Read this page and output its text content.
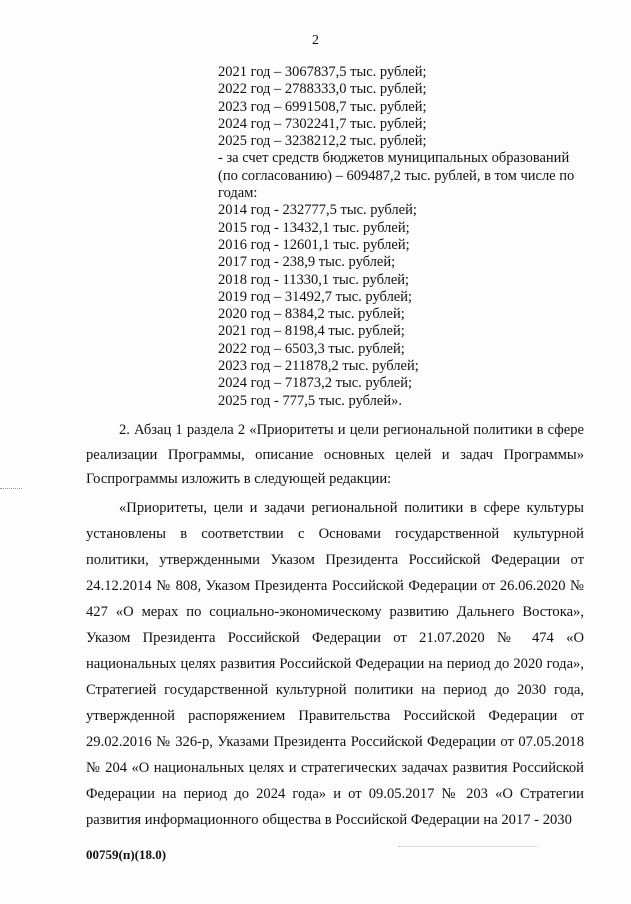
2
2021 год – 3067837,5 тыс. рублей;
2022 год – 2788333,0 тыс. рублей;
2023 год – 6991508,7 тыс. рублей;
2024 год – 7302241,7 тыс. рублей;
2025 год – 3238212,2 тыс. рублей;
- за счет средств бюджетов муниципальных образований (по согласованию) – 609487,2 тыс. рублей, в том числе по годам:
2014 год - 232777,5 тыс. рублей;
2015 год - 13432,1 тыс. рублей;
2016 год - 12601,1 тыс. рублей;
2017 год - 238,9 тыс. рублей;
2018 год - 11330,1 тыс. рублей;
2019 год – 31492,7 тыс. рублей;
2020 год – 8384,2 тыс. рублей;
2021 год – 8198,4 тыс. рублей;
2022 год – 6503,3 тыс. рублей;
2023 год – 211878,2 тыс. рублей;
2024 год – 71873,2 тыс. рублей;
2025 год - 777,5 тыс. рублей».

2. Абзац 1 раздела 2 «Приоритеты и цели региональной политики в сфере реализации Программы, описание основных целей и задач Программы» Госпрограммы изложить в следующей редакции:

«Приоритеты, цели и задачи региональной политики в сфере культуры установлены в соответствии с Основами государственной культурной политики, утвержденными Указом Президента Российской Федерации от 24.12.2014 № 808, Указом Президента Российской Федерации от 26.06.2020 № 427 «О мерах по социально-экономическому развитию Дальнего Востока», Указом Президента Российской Федерации от 21.07.2020 № 474 «О национальных целях развития Российской Федерации на период до 2020 года», Стратегией государственной культурной политики на период до 2030 года, утвержденной распоряжением Правительства Российской Федерации от 29.02.2016 № 326-р, Указами Президента Российской Федерации от 07.05.2018 № 204 «О национальных целях и стратегических задачах развития Российской Федерации на период до 2024 года» и от 09.05.2017 № 203 «О Стратегии развития информационного общества в Российской Федерации на 2017 - 2030

00759(п)(18.0)
